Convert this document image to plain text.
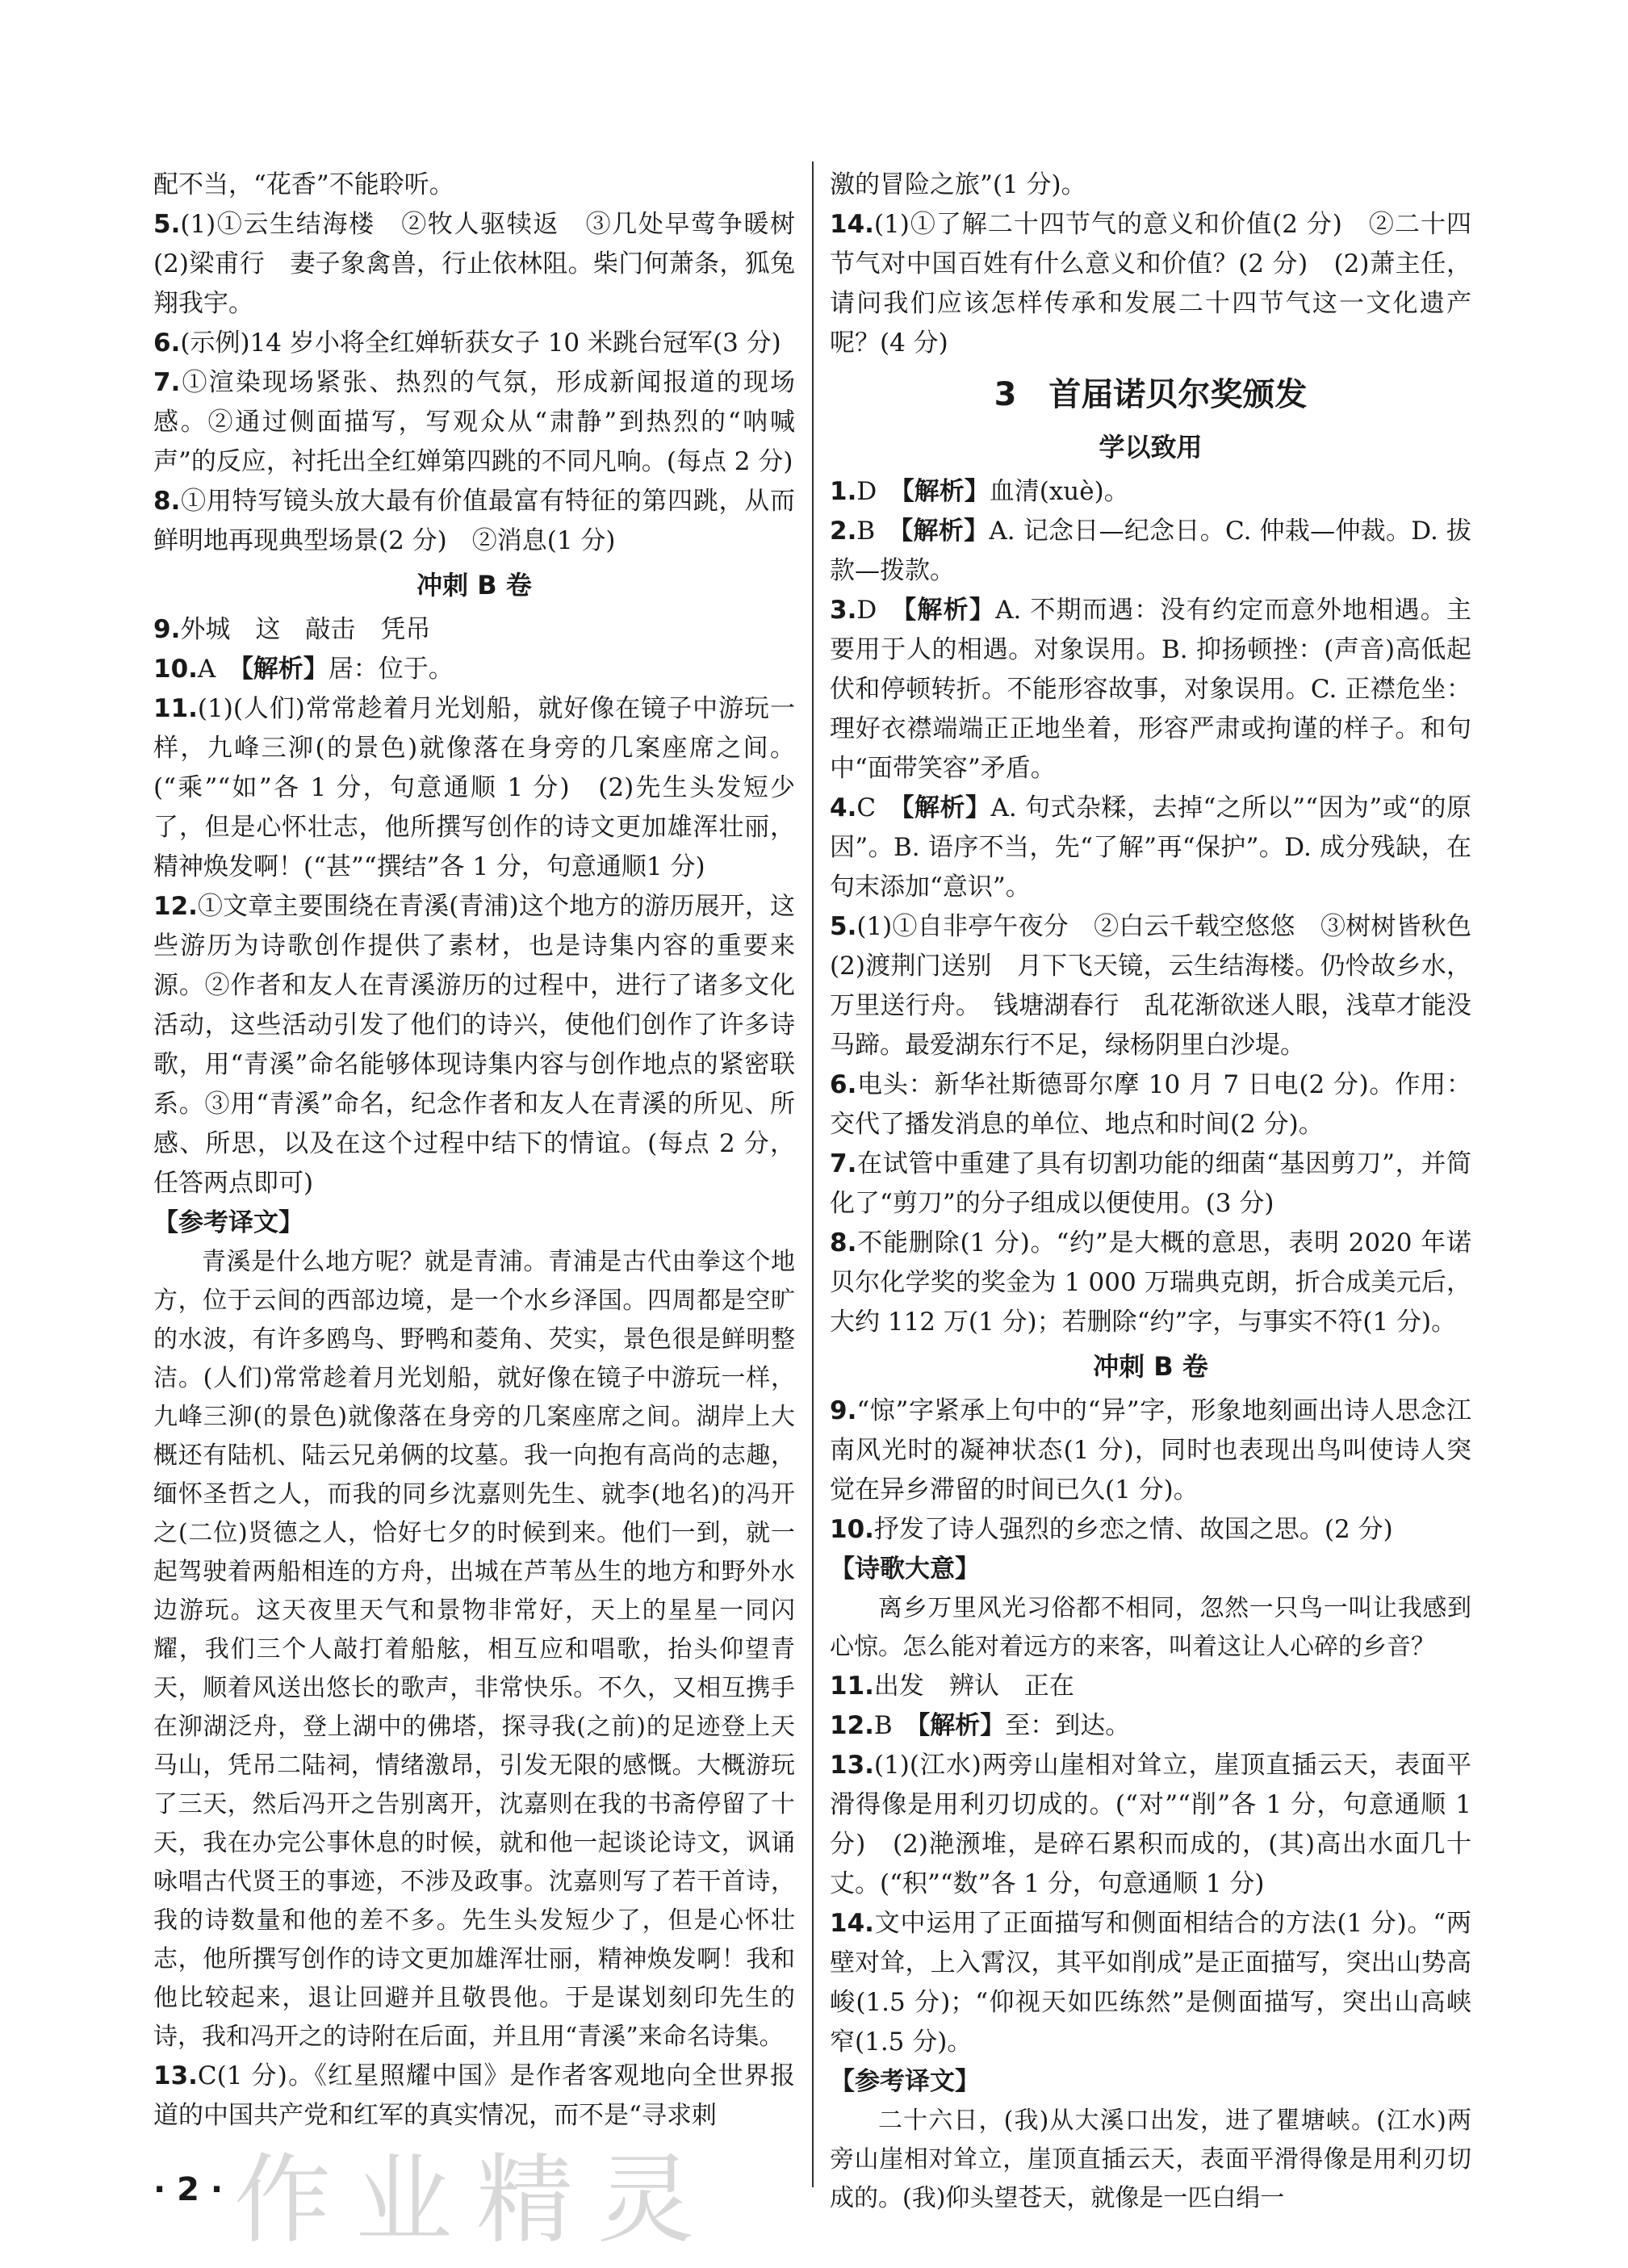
配不当，“花香”不能聆听。

5.(1)①云生结海楼　②牧人驱犊返　③几处早莺争暖树　(2)梁甫行　妻子象禽兽，行止依林阻。柴门何萧条，狐兔翔我宇。

6.(示例)14 岁小将全红婵斩获女子 10 米跳台冠军(3 分)

7.①渲染现场紧张、热烈的气氛，形成新闻报道的现场感。②通过侧面描写，写观众从“肃静”到热烈的“呐喊声”的反应，衬托出全红婵第四跳的不同凡响。(每点 2 分)

8.①用特写镜头放大最有价值最富有特征的第四跳，从而鲜明地再现典型场景(2 分)　②消息(1 分)

冲刺 B 卷

9.外城　这　敲击　凭吊

10.A　【解析】居：位于。

11.(1)(人们)常常趁着月光划船，就好像在镜子中游玩一样，九峰三泖(的景色)就像落在身旁的几案座席之间。(“乘”“如”各 1 分，句意通顺 1 分)　(2)先生头发短少了，但是心怀壮志，他所撰写创作的诗文更加雄浑壮丽，精神焕发啊！(“甚”“撰结”各 1 分，句意通顺1 分)

12.①文章主要围绕在青溪(青浦)这个地方的游历展开，这些游历为诗歌创作提供了素材，也是诗集内容的重要来源。②作者和友人在青溪游历的过程中，进行了诸多文化活动，这些活动引发了他们的诗兴，使他们创作了许多诗歌，用“青溪”命名能够体现诗集内容与创作地点的紧密联系。③用“青溪”命名，纪念作者和友人在青溪的所见、所感、所思，以及在这个过程中结下的情谊。(每点 2 分，任答两点即可)

【参考译文】

青溪是什么地方呢？就是青浦。青浦是古代由拳这个地方，位于云间的西部边境，是一个水乡泽国。四周都是空旷的水波，有许多鸥鸟、野鸭和菱角、芡实，景色很是鲜明整洁。(人们)常常趁着月光划船，就好像在镜子中游玩一样，九峰三泖(的景色)就像落在身旁的几案座席之间。湖岸上大概还有陆机、陆云兄弟俩的坟墓。我一向抱有高尚的志趣，缅怀圣哲之人，而我的同乡沈嘉则先生、就李(地名)的冯开之(二位)贤德之人，恰好七夕的时候到来。他们一到，就一起驾驶着两船相连的方舟，出城在芦苇丛生的地方和野外水边游玩。这天夜里天气和景物非常好，天上的星星一同闪耀，我们三个人敲打着船舷，相互应和唱歌，抬头仰望青天，顺着风送出悠长的歌声，非常快乐。不久，又相互携手在泖湖泛舟，登上湖中的佛塔，探寻我(之前)的足迹登上天马山，凭吊二陆祠，情绪激昂，引发无限的感慨。大概游玩了三天，然后冯开之告别离开，沈嘉则在我的书斋停留了十天，我在办完公事休息的时候，就和他一起谈论诗文，讽诵咏唱古代贤王的事迹，不涉及政事。沈嘉则写了若干首诗，我的诗数量和他的差不多。先生头发短少了，但是心怀壮志，他所撰写创作的诗文更加雄浑壮丽，精神焕发啊！我和他比较起来，退让回避并且敬畏他。于是谋划刻印先生的诗，我和冯开之的诗附在后面，并且用“青溪”来命名诗集。

13.C(1 分)。《红星照耀中国》是作者客观地向全世界报道的中国共产党和红军的真实情况，而不是“寻求刺

激的冒险之旅”(1 分)。

14.(1)①了解二十四节气的意义和价值(2 分)　②二十四节气对中国百姓有什么意义和价值？(2 分)　(2)萧主任，请问我们应该怎样传承和发展二十四节气这一文化遗产呢？(4 分)

3　首届诺贝尔奖颁发
学以致用

1.D　【解析】血清(xuè)。

2.B　【解析】A. 记念日—纪念日。C. 仲栽—仲裁。D. 拔款—拨款。

3.D　【解析】A. 不期而遇：没有约定而意外地相遇。主要用于人的相遇。对象误用。B. 抑扬顿挫：(声音)高低起伏和停顿转折。不能形容故事，对象误用。C. 正襟危坐：理好衣襟端端正正地坐着，形容严肃或拘谨的样子。和句中“面带笑容”矛盾。

4.C　【解析】A. 句式杂糅，去掉“之所以”“因为”或“的原因”。B. 语序不当，先“了解”再“保护”。D. 成分残缺，在句末添加“意识”。

5.(1)①自非亭午夜分　②白云千载空悠悠　③树树皆秋色　(2)渡荆门送别　月下飞天镜，云生结海楼。仍怜故乡水，万里送行舟。　钱塘湖春行　乱花渐欲迷人眼，浅草才能没马蹄。最爱湖东行不足，绿杨阴里白沙堤。

6.电头：新华社斯德哥尔摩 10 月 7 日电(2 分)。作用：交代了播发消息的单位、地点和时间(2 分)。

7.在试管中重建了具有切割功能的细菌“基因剪刀”，并简化了“剪刀”的分子组成以便使用。(3 分)

8.不能删除(1 分)。“约”是大概的意思，表明 2020 年诺贝尔化学奖的奖金为 1 000 万瑞典克朗，折合成美元后，大约 112 万(1 分)；若删除“约”字，与事实不符(1 分)。

冲刺 B 卷

9.“惊”字紧承上句中的“异”字，形象地刻画出诗人思念江南风光时的凝神状态(1 分)，同时也表现出鸟叫使诗人突觉在异乡滞留的时间已久(1 分)。

10.抒发了诗人强烈的乡恋之情、故国之思。(2 分)

【诗歌大意】

离乡万里风光习俗都不相同，忽然一只鸟一叫让我感到心惊。怎么能对着远方的来客，叫着这让人心碎的乡音？

11.出发　辨认　正在

12.B　【解析】至：到达。

13.(1)(江水)两旁山崖相对耸立，崖顶直插云天，表面平滑得像是用利刃切成的。(“对”“削”各 1 分，句意通顺 1 分)　(2)滟滪堆，是碎石累积而成的，(其)高出水面几十丈。(“积”“数”各 1 分，句意通顺 1 分)

14.文中运用了正面描写和侧面相结合的方法(1 分)。“两壁对耸，上入霄汉，其平如削成”是正面描写，突出山势高峻(1.5 分)；“仰视天如匹练然”是侧面描写，突出山高峡窄(1.5 分)。

【参考译文】

二十六日，(我)从大溪口出发，进了瞿塘峡。(江水)两旁山崖相对耸立，崖顶直插云天，表面平滑得像是用利刃切成的。(我)仰头望苍天，就像是一匹白绢一

· 2 · 作业精灵
